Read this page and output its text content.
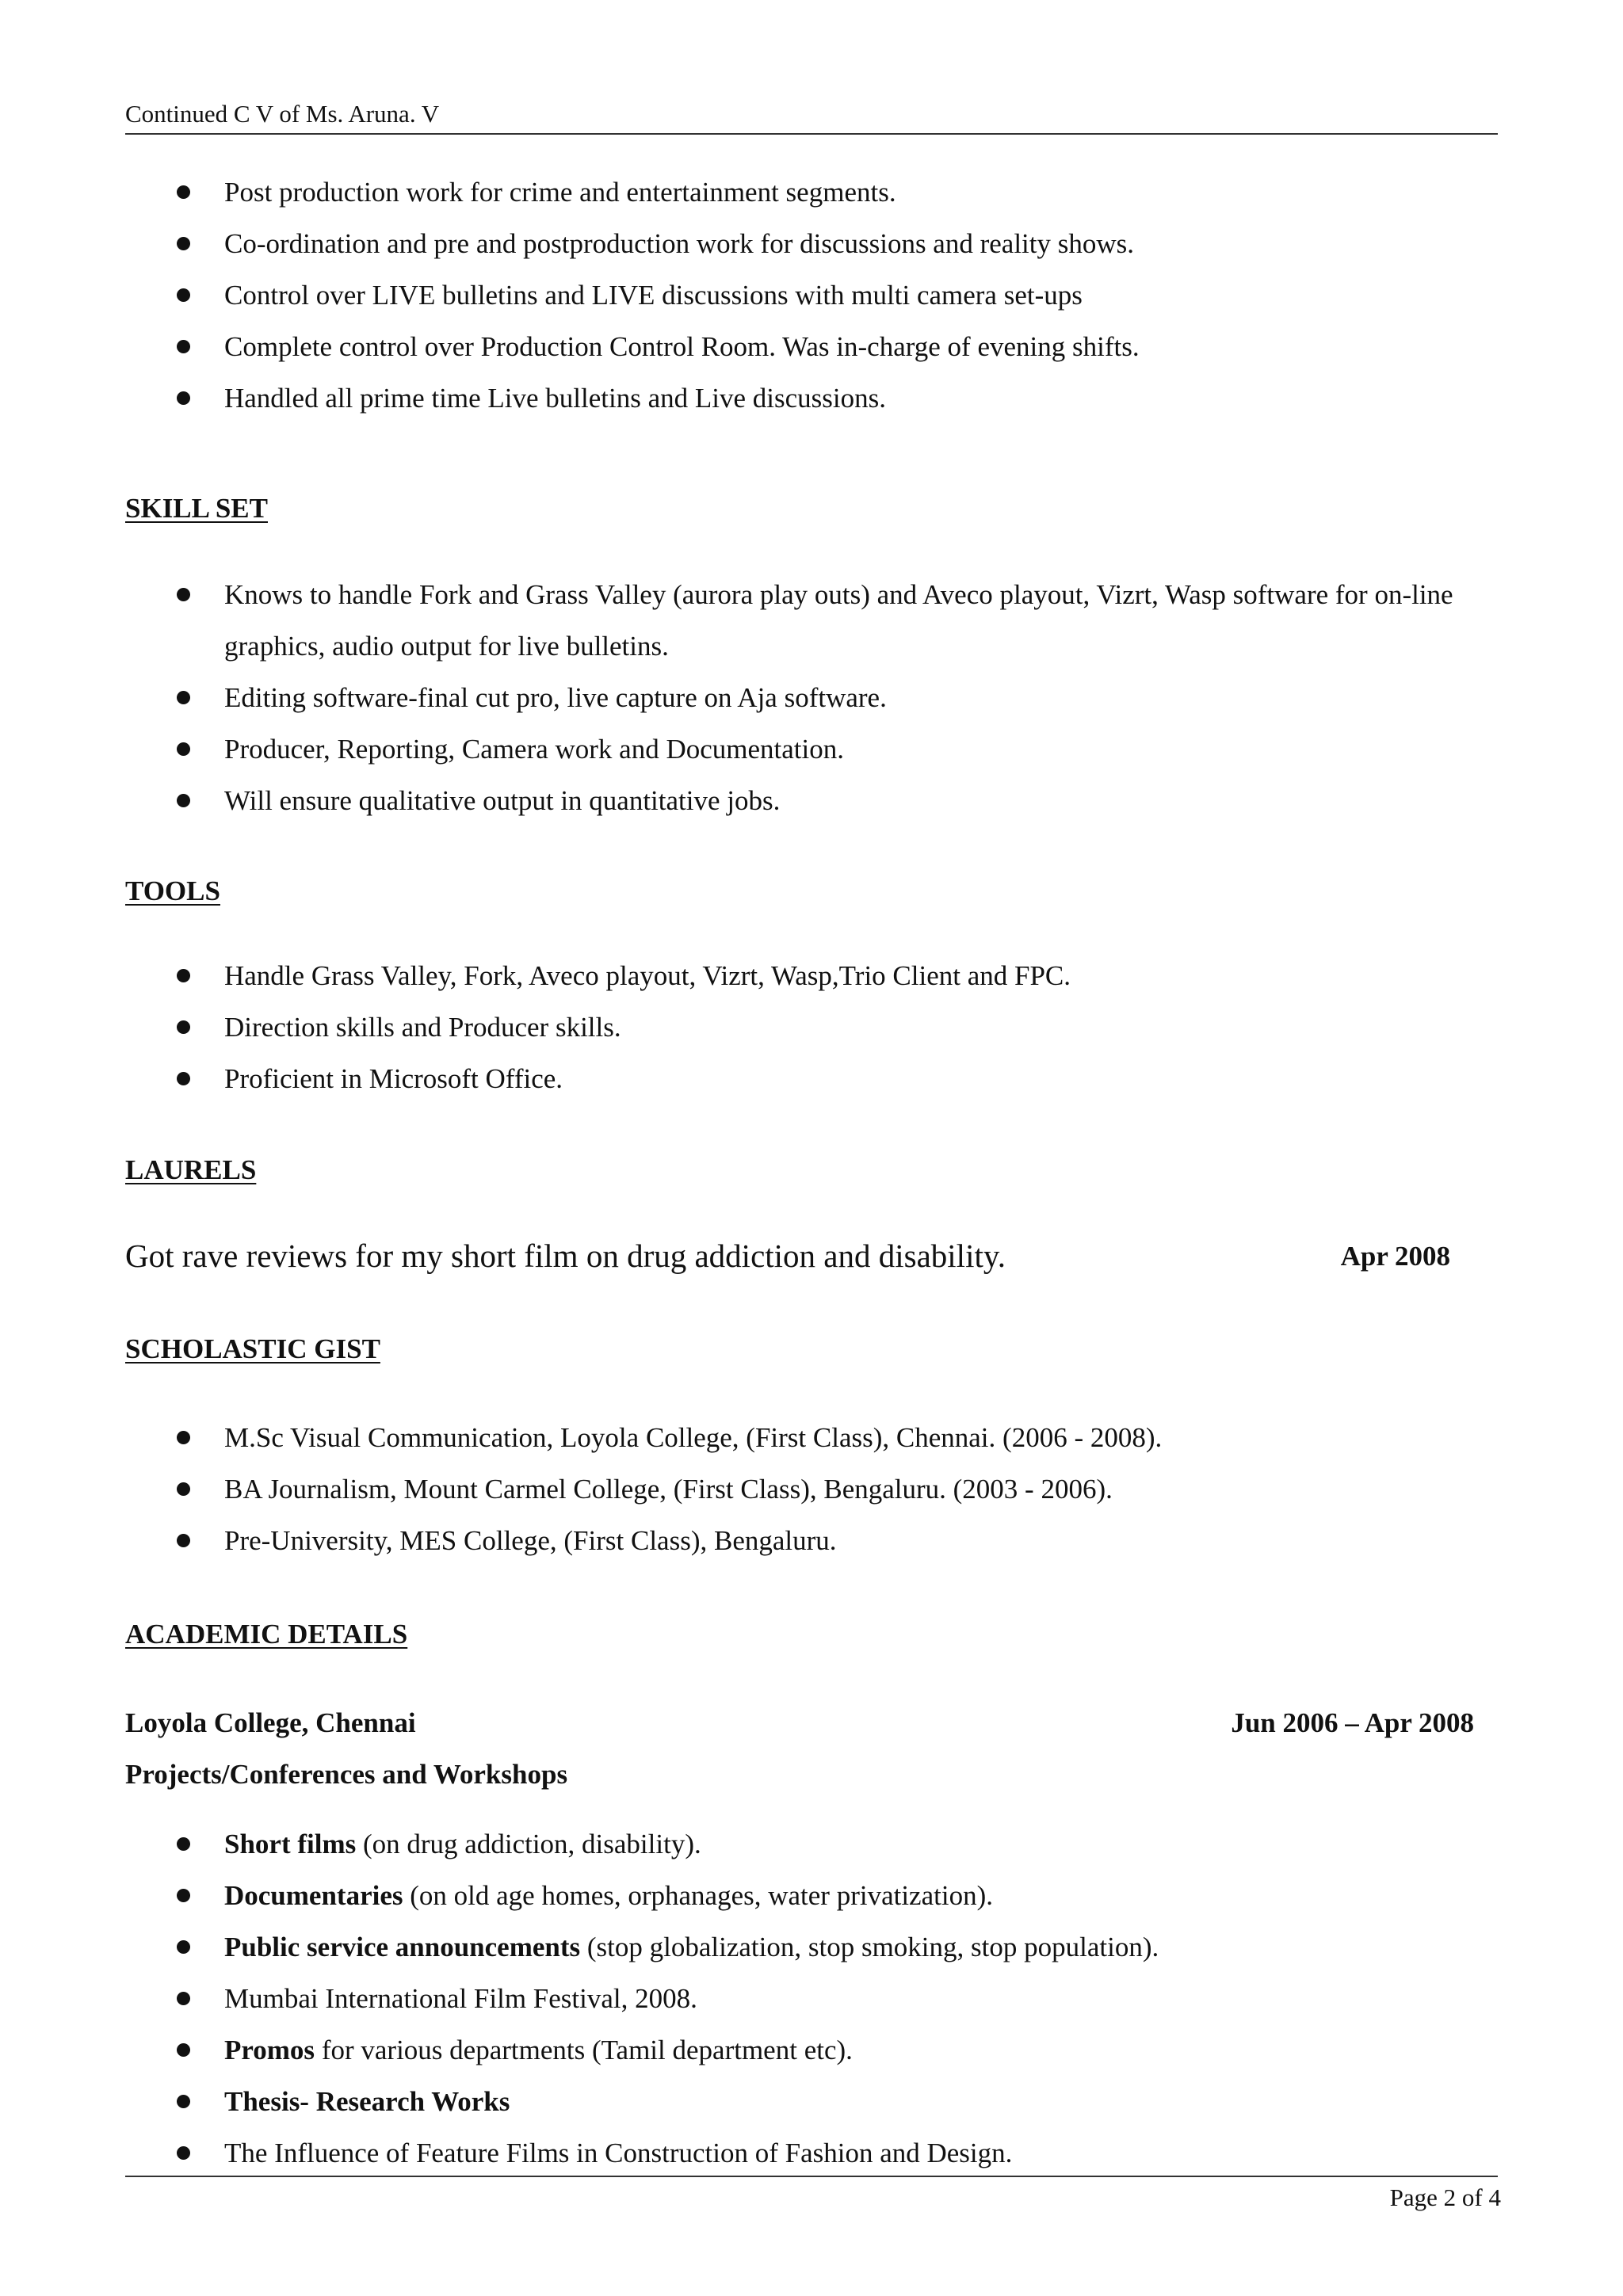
Continued C V of Ms. Aruna. V
Post production work for crime and entertainment segments.
Co-ordination and pre and postproduction work for discussions and reality shows.
Control over LIVE bulletins and LIVE discussions with multi camera set-ups
Complete control over Production Control Room. Was in-charge of evening shifts.
Handled all prime time Live bulletins and Live discussions.
SKILL SET
Knows to handle Fork and Grass Valley (aurora play outs) and Aveco playout, Vizrt, Wasp software for on-line graphics, audio output for live bulletins.
Editing software-final cut pro, live capture on Aja software.
Producer, Reporting, Camera work and Documentation.
Will ensure qualitative output in quantitative jobs.
TOOLS
Handle Grass Valley, Fork, Aveco playout, Vizrt, Wasp,Trio Client and FPC.
Direction skills and Producer skills.
Proficient in Microsoft Office.
LAURELS
Got rave reviews for my short film on drug addiction and disability.	Apr 2008
SCHOLASTIC GIST
M.Sc Visual Communication, Loyola College, (First Class), Chennai. (2006 - 2008).
BA Journalism, Mount Carmel College, (First Class), Bengaluru. (2003 - 2006).
Pre-University, MES College, (First Class), Bengaluru.
ACADEMIC DETAILS
Loyola College, Chennai	Jun 2006 – Apr 2008
Projects/Conferences and Workshops
Short films (on drug addiction, disability).
Documentaries (on old age homes, orphanages, water privatization).
Public service announcements (stop globalization, stop smoking, stop population).
Mumbai International Film Festival, 2008.
Promos for various departments (Tamil department etc).
Thesis- Research Works
The Influence of Feature Films in Construction of Fashion and Design.
Page 2 of 4
